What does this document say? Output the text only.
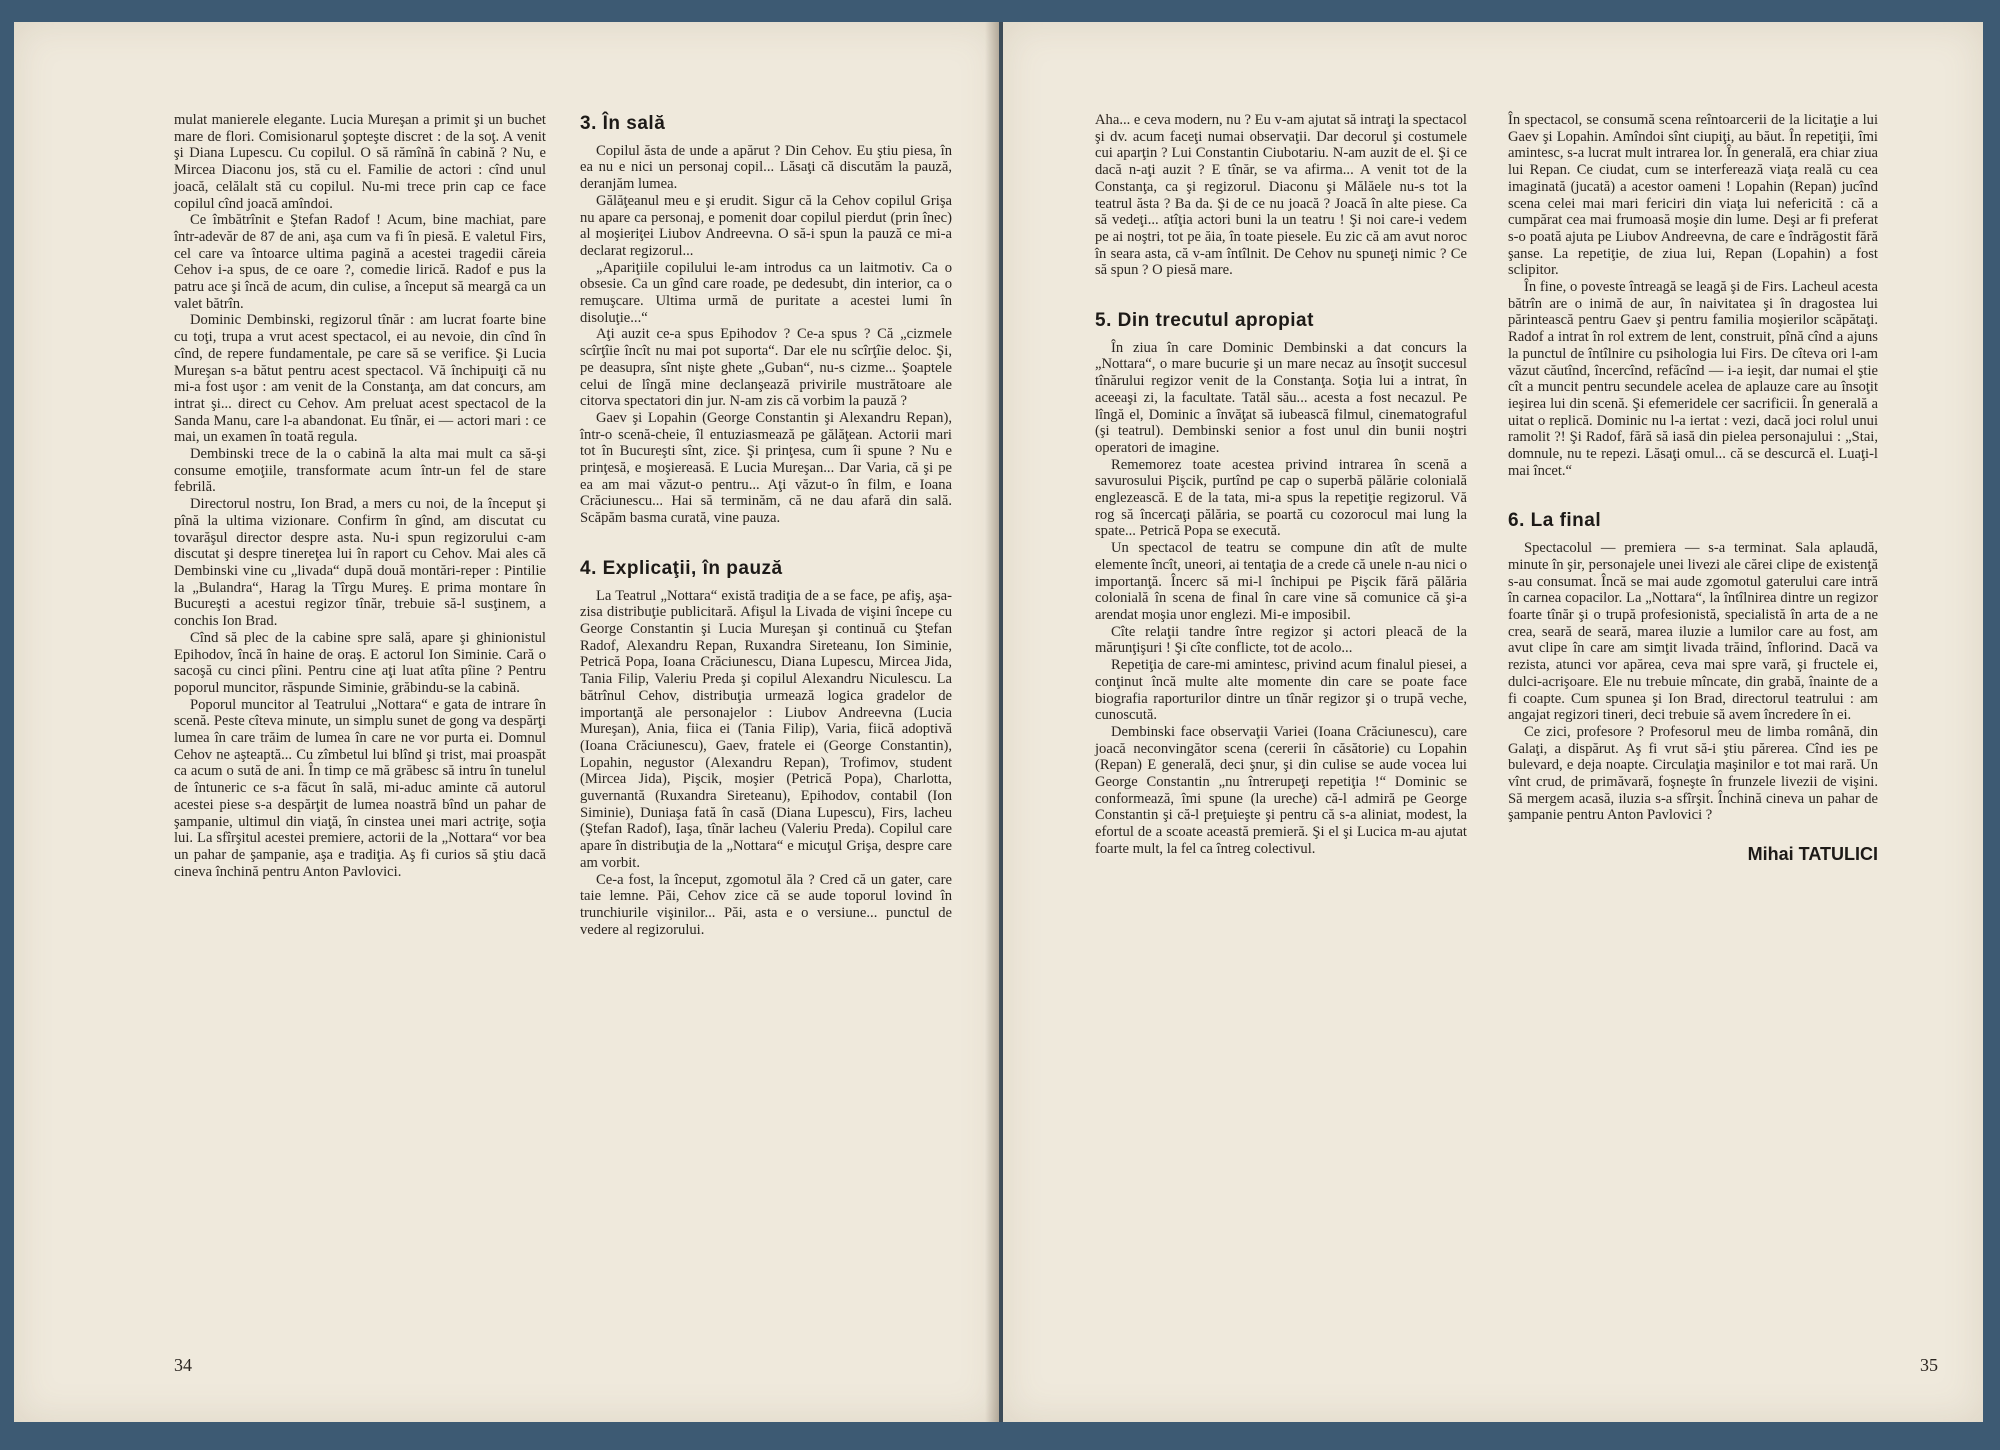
mulat manierele elegante. Lucia Mureşan a primit şi un buchet mare de flori. Comisionarul şopteşte discret : de la soţ. A venit şi Diana Lupescu. Cu copilul. O să rămînă în cabină ? Nu, e Mircea Diaconu jos, stă cu el. Familie de actori : cînd unul joacă, celălalt stă cu copilul. Nu-mi trece prin cap ce face copilul cînd joacă amîndoi.

Ce îmbătrînit e Ştefan Radof ! Acum, bine machiat, pare într-adevăr de 87 de ani, aşa cum va fi în piesă. E valetul Firs, cel care va întoarce ultima pagină a acestei tragedii căreia Cehov i-a spus, de ce oare ?, comedie lirică. Radof e pus la patru ace şi încă de acum, din culise, a început să meargă ca un valet bătrîn.

Dominic Dembinski, regizorul tînăr : am lucrat foarte bine cu toţi, trupa a vrut acest spectacol, ei au nevoie, din cînd în cînd, de repere fundamentale, pe care să se verifice. Şi Lucia Mureşan s-a bătut pentru acest spectacol. Vă închipuiţi că nu mi-a fost uşor : am venit de la Constanţa, am dat concurs, am intrat şi... direct cu Cehov. Am preluat acest spectacol de la Sanda Manu, care l-a abandonat. Eu tînăr, ei — actori mari : ce mai, un examen în toată regula.

Dembinski trece de la o cabină la alta mai mult ca să-şi consume emoţiile, transformate acum într-un fel de stare febrilă.

Directorul nostru, Ion Brad, a mers cu noi, de la început şi pînă la ultima vizionare. Confirm în gînd, am discutat cu tovarăşul director despre asta. Nu-i spun regizorului c-am discutat şi despre tinereţea lui în raport cu Cehov. Mai ales că Dembinski vine cu „livada“ după două montări-reper : Pintilie la „Bulandra“, Harag la Tîrgu Mureş. E prima montare în Bucureşti a acestui regizor tînăr, trebuie să-l susţinem, a conchis Ion Brad.

Cînd să plec de la cabine spre sală, apare şi ghinionistul Epihodov, încă în haine de oraş. E actorul Ion Siminie. Cară o sacoşă cu cinci pîini. Pentru cine aţi luat atîta pîine ? Pentru poporul muncitor, răspunde Siminie, grăbindu-se la cabină.

Poporul muncitor al Teatrului „Nottara“ e gata de intrare în scenă. Peste cîteva minute, un simplu sunet de gong va despărţi lumea în care trăim de lumea în care ne vor purta ei. Domnul Cehov ne aşteaptă... Cu zîmbetul lui blînd şi trist, mai proaspăt ca acum o sută de ani. În timp ce mă grăbesc să intru în tunelul de întuneric ce s-a făcut în sală, mi-aduc aminte că autorul acestei piese s-a despărţit de lumea noastră bînd un pahar de şampanie, ultimul din viaţă, în cinstea unei mari actriţe, soţia lui. La sfîrşitul acestei premiere, actorii de la „Nottara“ vor bea un pahar de şampanie, aşa e tradiţia. Aş fi curios să ştiu dacă cineva închină pentru Anton Pavlovici.

3. În sală

Copilul ăsta de unde a apărut ? Din Cehov. Eu ştiu piesa, în ea nu e nici un personaj copil... Lăsaţi că discutăm la pauză, deranjăm lumea.

Gălăţeanul meu e şi erudit. Sigur că la Cehov copilul Grişa nu apare ca personaj, e pomenit doar copilul pierdut (prin înec) al moşieriţei Liubov Andreevna. O să-i spun la pauză ce mi-a declarat regizorul...

„Apariţiile copilului le-am introdus ca un laitmotiv. Ca o obsesie. Ca un gînd care roade, pe dedesubt, din interior, ca o remuşcare. Ultima urmă de puritate a acestei lumi în disoluţie...“

Aţi auzit ce-a spus Epihodov ? Ce-a spus ? Că „cizmele scîrţîie încît nu mai pot suporta“. Dar ele nu scîrţîie deloc. Şi, pe deasupra, sînt nişte ghete „Guban“, nu-s cizme... Şoaptele celui de lîngă mine declanşează privirile mustrătoare ale citorva spectatori din jur. N-am zis că vorbim la pauză ?

Gaev şi Lopahin (George Constantin şi Alexandru Repan), într-o scenă-cheie, îl entuziasmează pe gălăţean. Actorii mari tot în Bucureşti sînt, zice. Şi prinţesa, cum îi spune ? Nu e prinţesă, e moşiereasă. E Lucia Mureşan... Dar Varia, că şi pe ea am mai văzut-o pentru... Aţi văzut-o în film, e Ioana Crăciunescu... Hai să terminăm, că ne dau afară din sală. Scăpăm basma curată, vine pauza.

4. Explicaţii, în pauză

La Teatrul „Nottara“ există tradiţia de a se face, pe afiş, aşa-zisa distribuţie publicitară. Afişul la Livada de vişini începe cu George Constantin şi Lucia Mureşan şi continuă cu Ştefan Radof, Alexandru Repan, Ruxandra Sireteanu, Ion Siminie, Petrică Popa, Ioana Crăciunescu, Diana Lupescu, Mircea Jida, Tania Filip, Valeriu Preda şi copilul Alexandru Niculescu. La bătrînul Cehov, distribuţia urmează logica gradelor de importanţă ale personajelor : Liubov Andreevna (Lucia Mureşan), Ania, fiica ei (Tania Filip), Varia, fiică adoptivă (Ioana Crăciunescu), Gaev, fratele ei (George Constantin), Lopahin, negustor (Alexandru Repan), Trofimov, student (Mircea Jida), Pişcik, moşier (Petrică Popa), Charlotta, guvernantă (Ruxandra Sireteanu), Epihodov, contabil (Ion Siminie), Duniaşa fată în casă (Diana Lupescu), Firs, lacheu (Ştefan Radof), Iaşa, tînăr lacheu (Valeriu Preda). Copilul care apare în distribuţia de la „Nottara“ e micuţul Grişa, despre care am vorbit.

Ce-a fost, la început, zgomotul ăla ? Cred că un gater, care taie lemne. Păi, Cehov zice că se aude toporul lovind în trunchiurile vişinilor... Păi, asta e o versiune... punctul de vedere al regizorului.

34

Aha... e ceva modern, nu ? Eu v-am ajutat să intraţi la spectacol şi dv. acum faceţi numai observaţii. Dar decorul şi costumele cui aparţin ? Lui Constantin Ciubotariu. N-am auzit de el. Şi ce dacă n-aţi auzit ? E tînăr, se va afirma... A venit tot de la Constanţa, ca şi regizorul. Diaconu şi Mălăele nu-s tot la teatrul ăsta ? Ba da. Şi de ce nu joacă ? Joacă în alte piese. Ca să vedeţi... atîţia actori buni la un teatru ! Şi noi care-i vedem pe ai noştri, tot pe ăia, în toate piesele. Eu zic că am avut noroc în seara asta, că v-am întîlnit. De Cehov nu spuneţi nimic ? Ce să spun ? O piesă mare.

5. Din trecutul apropiat

În ziua în care Dominic Dembinski a dat concurs la „Nottara“, o mare bucurie şi un mare necaz au însoţit succesul tînărului regizor venit de la Constanţa. Soţia lui a intrat, în aceeaşi zi, la facultate. Tatăl său... acesta a fost necazul. Pe lîngă el, Dominic a învăţat să iubească filmul, cinematograful (şi teatrul). Dembinski senior a fost unul din bunii noştri operatori de imagine.

Rememorez toate acestea privind intrarea în scenă a savurosului Pişcik, purtînd pe cap o superbă pălărie colonială englezească. E de la tata, mi-a spus la repetiţie regizorul. Vă rog să încercaţi pălăria, se poartă cu cozorocul mai lung la spate... Petrică Popa se execută.

Un spectacol de teatru se compune din atît de multe elemente încît, uneori, ai tentaţia de a crede că unele n-au nici o importanţă. Încerc să mi-l închipui pe Pişcik fără pălăria colonială în scena de final în care vine să comunice că şi-a arendat moşia unor englezi. Mi-e imposibil.

Cîte relaţii tandre între regizor şi actori pleacă de la mărunţişuri ! Şi cîte conflicte, tot de acolo...

Repetiţia de care-mi amintesc, privind acum finalul piesei, a conţinut încă multe alte momente din care se poate face biografia raporturilor dintre un tînăr regizor şi o trupă veche, cunoscută.

Dembinski face observaţii Variei (Ioana Crăciunescu), care joacă neconvingător scena (cererii în căsătorie) cu Lopahin (Repan) E generală, deci şnur, şi din culise se aude vocea lui George Constantin „nu întrerupeţi repetiţia !“ Dominic se conformează, îmi spune (la ureche) că-l admiră pe George Constantin şi că-l preţuieşte şi pentru că s-a aliniat, modest, la efortul de a scoate această premieră. Şi el şi Lucica m-au ajutat foarte mult, la fel ca întreg colectivul.

În spectacol, se consumă scena reîntoarcerii de la licitaţie a lui Gaev şi Lopahin. Amîndoi sînt ciupiţi, au băut. În repetiţii, îmi amintesc, s-a lucrat mult intrarea lor. În generală, era chiar ziua lui Repan. Ce ciudat, cum se interferează viaţa reală cu cea imaginată (jucată) a acestor oameni ! Lopahin (Repan) jucînd scena celei mai mari fericiri din viaţa lui nefericită : că a cumpărat cea mai frumoasă moşie din lume. Deşi ar fi preferat s-o poată ajuta pe Liubov Andreevna, de care e îndrăgostit fără şanse. La repetiţie, de ziua lui, Repan (Lopahin) a fost sclipitor.

În fine, o poveste întreagă se leagă şi de Firs. Lacheul acesta bătrîn are o inimă de aur, în naivitatea şi în dragostea lui părintească pentru Gaev şi pentru familia moşierilor scăpătaţi. Radof a intrat în rol extrem de lent, construit, pînă cînd a ajuns la punctul de întîlnire cu psihologia lui Firs. De cîteva ori l-am văzut căutînd, încercînd, refăcînd — i-a ieşit, dar numai el ştie cît a muncit pentru secundele acelea de aplauze care au însoţit ieşirea lui din scenă. Şi efemeridele cer sacrificii. În generală a uitat o replică. Dominic nu l-a iertat : vezi, dacă joci rolul unui ramolit ?! Şi Radof, fără să iasă din pielea personajului : „Stai, domnule, nu te repezi. Lăsaţi omul... că se descurcă el. Luaţi-l mai încet.“

6. La final

Spectacolul — premiera — s-a terminat. Sala aplaudă, minute în şir, personajele unei livezi ale cărei clipe de existenţă s-au consumat. Încă se mai aude zgomotul gaterului care intră în carnea copacilor. La „Nottara“, la întîlnirea dintre un regizor foarte tînăr şi o trupă profesionistă, specialistă în arta de a ne crea, seară de seară, marea iluzie a lumilor care au fost, am avut clipe în care am simţit livada trăind, înflorind. Dacă va rezista, atunci vor apărea, ceva mai spre vară, şi fructele ei, dulci-acrişoare. Ele nu trebuie mîncate, din grabă, înainte de a fi coapte. Cum spunea şi Ion Brad, directorul teatrului : am angajat regizori tineri, deci trebuie să avem încredere în ei.

Ce zici, profesore ? Profesorul meu de limba română, din Galaţi, a dispărut. Aş fi vrut să-i ştiu părerea. Cînd ies pe bulevard, e deja noapte. Circulaţia maşinilor e tot mai rară. Un vînt crud, de primăvară, foşneşte în frunzele livezii de vişini. Să mergem acasă, iluzia s-a sfîrşit. Închină cineva un pahar de şampanie pentru Anton Pavlovici ?

Mihai TATULICI
35
